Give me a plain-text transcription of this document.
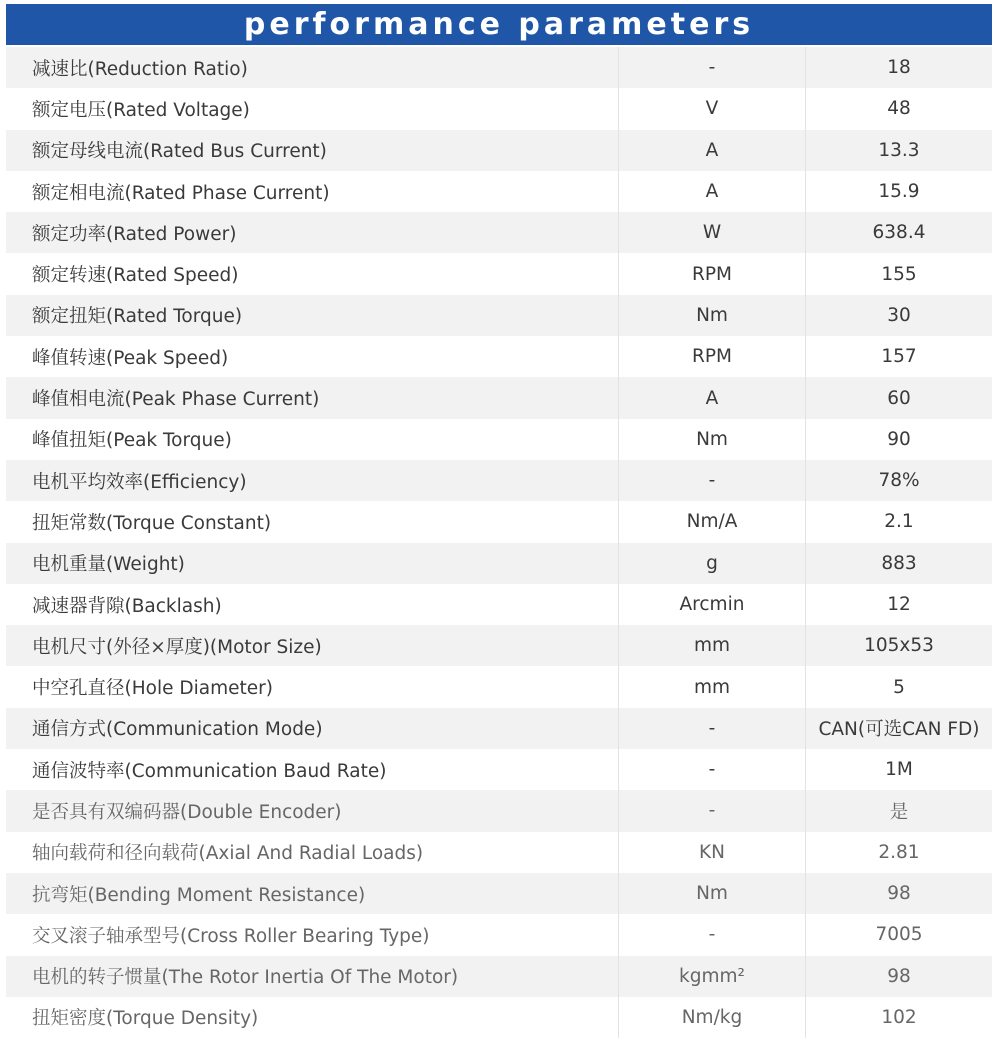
performance parameters
减速比(Reduction Ratio)	-	18
额定电压(Rated Voltage)	V	48
额定母线电流(Rated Bus Current)	A	13.3
额定相电流(Rated Phase Current)	A	15.9
额定功率(Rated Power)	W	638.4
额定转速(Rated Speed)	RPM	155
额定扭矩(Rated Torque)	Nm	30
峰值转速(Peak Speed)	RPM	157
峰值相电流(Peak Phase Current)	A	60
峰值扭矩(Peak Torque)	Nm	90
电机平均效率(Efficiency)	-	78%
扭矩常数(Torque Constant)	Nm/A	2.1
电机重量(Weight)	g	883
减速器背隙(Backlash)	Arcmin	12
电机尺寸(外径×厚度)(Motor Size)	mm	105x53
中空孔直径(Hole Diameter)	mm	5
通信方式(Communication Mode)	-	CAN(可选CAN FD)
通信波特率(Communication Baud Rate)	-	1M
是否具有双编码器(Double Encoder)	-	是
轴向载荷和径向载荷(Axial And Radial Loads)	KN	2.81
抗弯矩(Bending Moment Resistance)	Nm	98
交叉滚子轴承型号(Cross Roller Bearing Type)	-	7005
电机的转子惯量(The Rotor Inertia Of The Motor)	kgmm²	98
扭矩密度(Torque Density)	Nm/kg	102
